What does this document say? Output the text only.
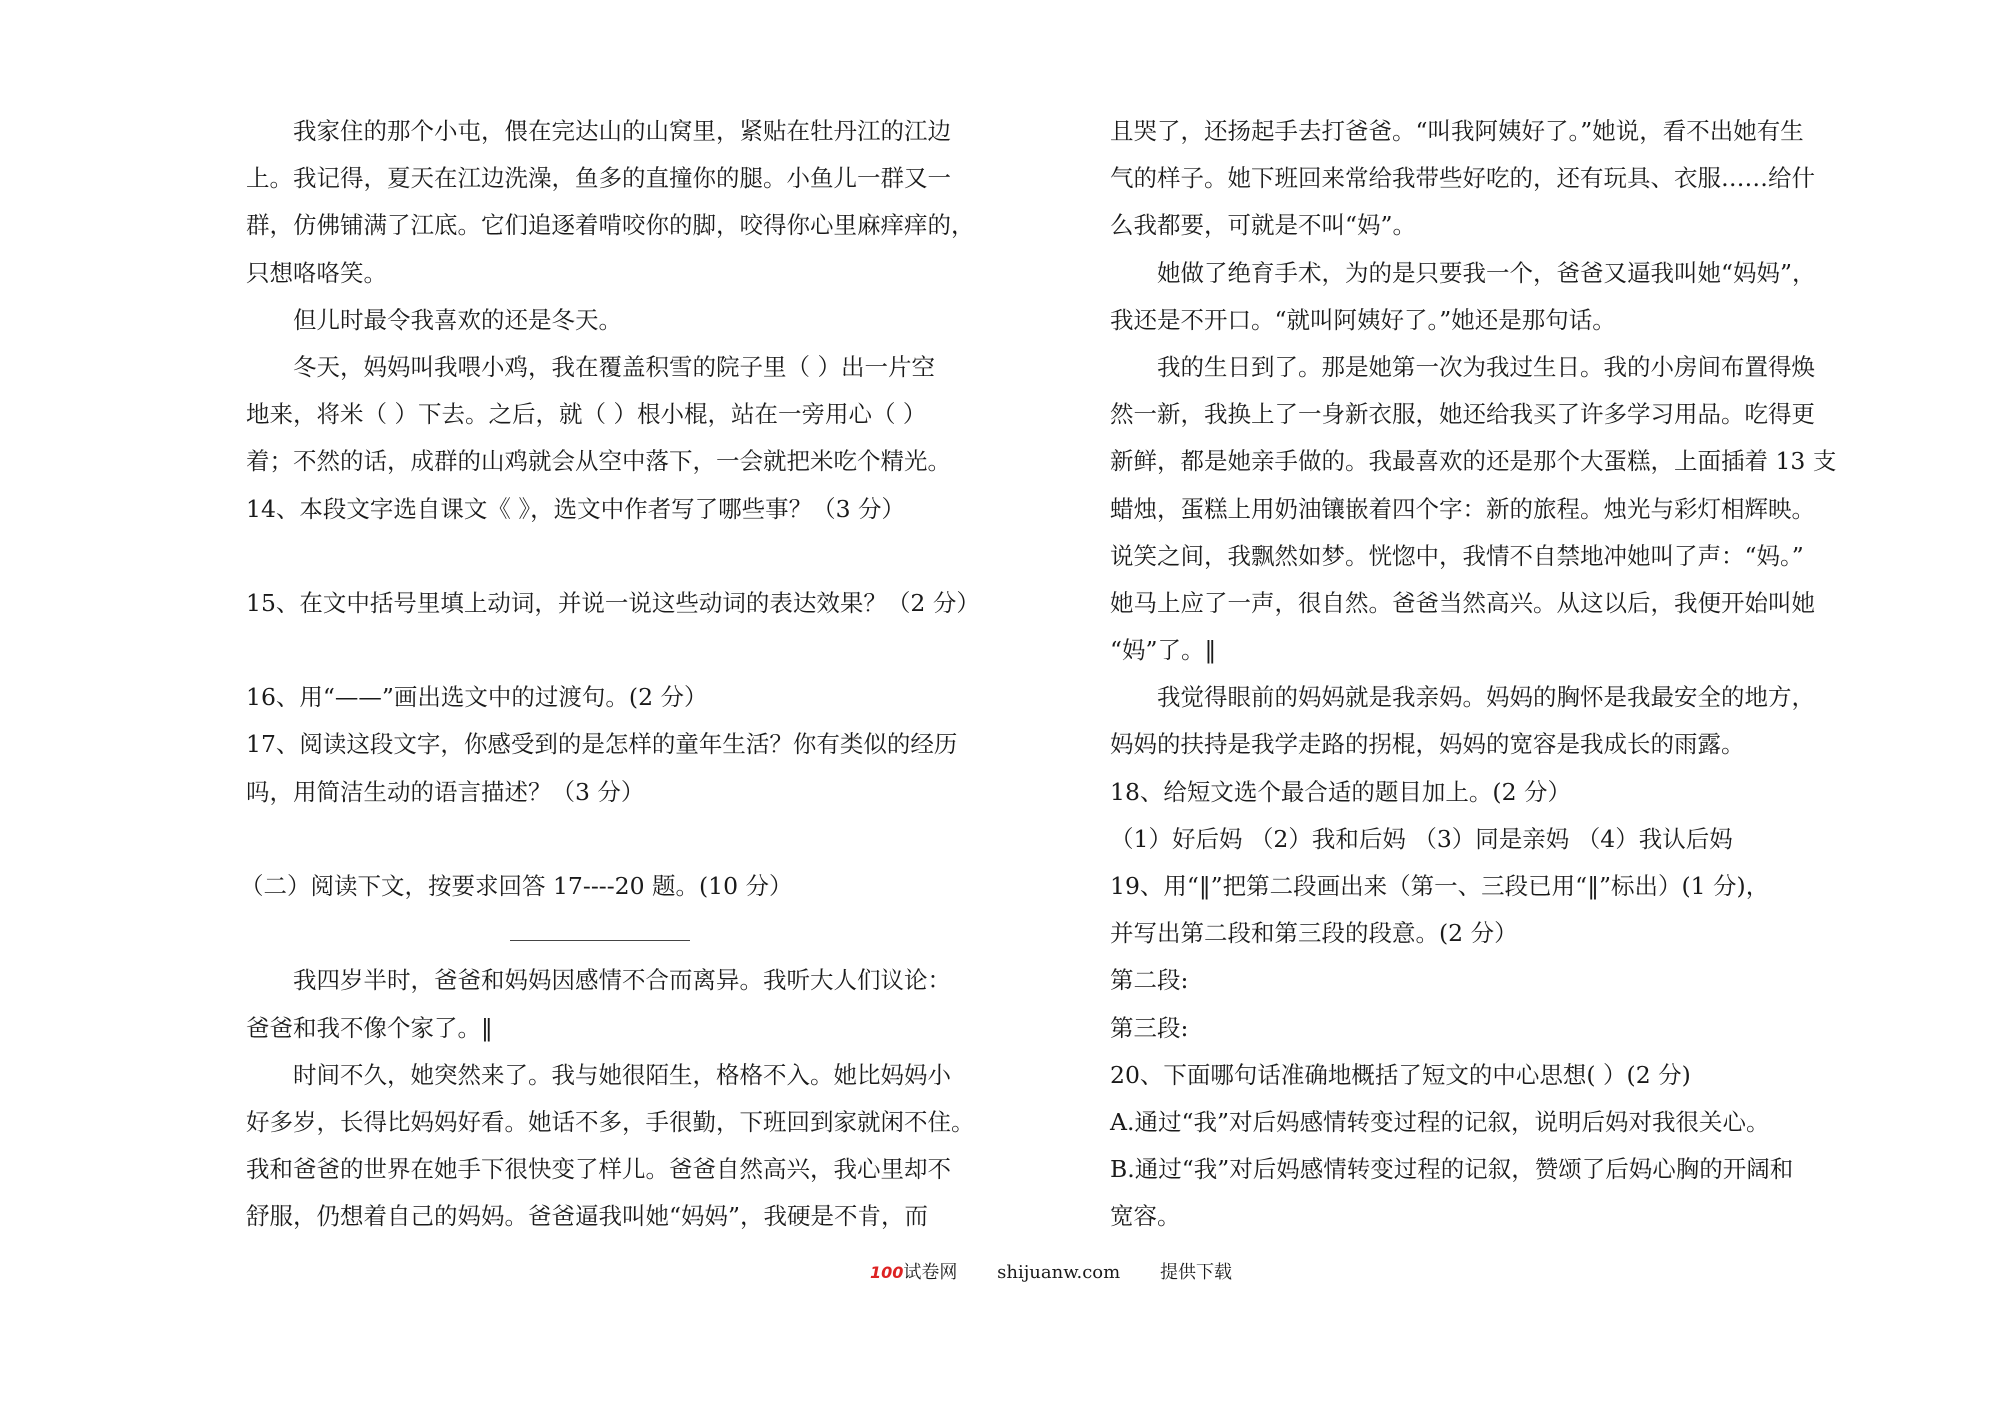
我家住的那个小屯，偎在完达山的山窝里，紧贴在牡丹江的江边
上。我记得，夏天在江边洗澡，鱼多的直撞你的腿。小鱼儿一群又一
群，仿佛铺满了江底。它们追逐着啃咬你的脚，咬得你心里麻痒痒的，
只想咯咯笑。
但儿时最令我喜欢的还是冬天。
冬天，妈妈叫我喂小鸡，我在覆盖积雪的院子里（ ）出一片空
地来，将米（ ）下去。之后，就（ ）根小棍，站在一旁用心（ ）
着；不然的话，成群的山鸡就会从空中落下，一会就把米吃个精光。
14、本段文字选自课文《 》，选文中作者写了哪些事？（3 分）
15、在文中括号里填上动词，并说一说这些动词的表达效果？（2 分）
16、用“——”画出选文中的过渡句。(2 分）
17、阅读这段文字，你感受到的是怎样的童年生活？你有类似的经历
吗，用简洁生动的语言描述？（3 分）
（二）阅读下文，按要求回答 17----20 题。(10 分）
我四岁半时，爸爸和妈妈因感情不合而离异。我听大人们议论：
爸爸和我不像个家了。‖
时间不久，她突然来了。我与她很陌生，格格不入。她比妈妈小
好多岁，长得比妈妈好看。她话不多，手很勤，下班回到家就闲不住。
我和爸爸的世界在她手下很快变了样儿。爸爸自然高兴，我心里却不
舒服，仍想着自己的妈妈。爸爸逼我叫她“妈妈”，我硬是不肯，而
且哭了，还扬起手去打爸爸。“叫我阿姨好了。”她说，看不出她有生
气的样子。她下班回来常给我带些好吃的，还有玩具、衣服……给什
么我都要，可就是不叫“妈”。
她做了绝育手术，为的是只要我一个，爸爸又逼我叫她“妈妈”，
我还是不开口。“就叫阿姨好了。”她还是那句话。
我的生日到了。那是她第一次为我过生日。我的小房间布置得焕
然一新，我换上了一身新衣服，她还给我买了许多学习用品。吃得更
新鲜，都是她亲手做的。我最喜欢的还是那个大蛋糕，上面插着 13 支
蜡烛，蛋糕上用奶油镶嵌着四个字：新的旅程。烛光与彩灯相辉映。
说笑之间，我飘然如梦。恍惚中，我情不自禁地冲她叫了声：“妈。”
她马上应了一声，很自然。爸爸当然高兴。从这以后，我便开始叫她
“妈”了。‖
我觉得眼前的妈妈就是我亲妈。妈妈的胸怀是我最安全的地方，
妈妈的扶持是我学走路的拐棍，妈妈的宽容是我成长的雨露。
18、给短文选个最合适的题目加上。(2 分）
（1）好后妈 （2）我和后妈 （3）同是亲妈 （4）我认后妈
19、用“‖”把第二段画出来（第一、三段已用“‖”标出）(1 分)，
并写出第二段和第三段的段意。(2 分）
第二段:
第三段:
20、下面哪句话准确地概括了短文的中心思想( ）(2 分)
A.通过“我”对后妈感情转变过程的记叙，说明后妈对我很关心。
B.通过“我”对后妈感情转变过程的记叙，赞颂了后妈心胸的开阔和
宽容。
100试卷网 shijuanw.com 提供下载
